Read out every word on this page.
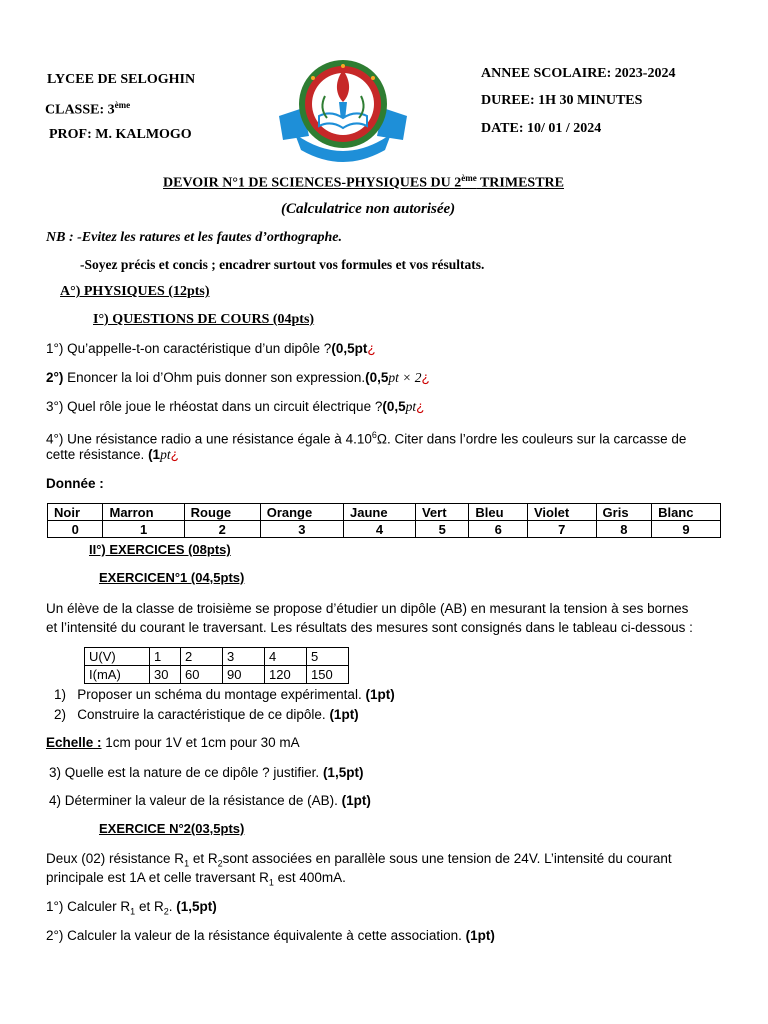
LYCEE DE SELOGHIN
CLASSE: 3ème
PROF: M. KALMOGO
ANNEE SCOLAIRE: 2023-2024
DUREE: 1H 30 MINUTES
DATE: 10/ 01 / 2024
DEVOIR N°1 DE SCIENCES-PHYSIQUES DU 2ème TRIMESTRE
(Calculatrice non autorisée)
NB : -Evitez les ratures et les fautes d’orthographe.
-Soyez précis et concis ; encadrer surtout vos formules et vos résultats.
A°) PHYSIQUES (12pts)
I°) QUESTIONS DE COURS (04pts)
1°) Qu’appelle-t-on caractéristique d’un dipôle ?(0,5pt¿
2°) Enoncer la loi d’Ohm puis donner son expression.(0,5pt × 2¿
3°) Quel rôle joue le rhéostat dans un circuit électrique ?(0,5pt¿
4°) Une résistance radio a une résistance égale à 4.10$^6$Ω. Citer dans l’ordre les couleurs sur la carcasse de
cette résistance. (1pt¿
Donnée :
Noir	Marron	Rouge	Orange	Jaune	Vert	Bleu	Violet	Gris	Blanc
0	1	2	3	4	5	6	7	8	9
II°) EXERCICES (08pts)
EXERCICEN°1 (04,5pts)
Un élève de la classe de troisième se propose d’étudier un dipôle (AB) en mesurant la tension à ses bornes
et l’intensité du courant le traversant. Les résultats des mesures sont consignés dans le tableau ci-dessous :
U(V)	1	2	3	4	5
I(mA)	30	60	90	120	150
1) Proposer un schéma du montage expérimental. (1pt)
2) Construire la caractéristique de ce dipôle. (1pt)
Echelle : 1cm pour 1V et 1cm pour 30 mA
3) Quelle est la nature de ce dipôle ? justifier. (1,5pt)
4) Déterminer la valeur de la résistance de (AB). (1pt)
EXERCICE N°2(03,5pts)
Deux (02) résistance $R_1$ et $R_2sont$ associées en parallèle sous une tension de 24V. L’intensité du courant
principale est 1A et celle traversant $R_1$ est 400mA.
1°) Calculer $R_1$ et $R_2$. (1,5pt)
2°) Calculer la valeur de la résistance équivalente à cette association. (1pt)
